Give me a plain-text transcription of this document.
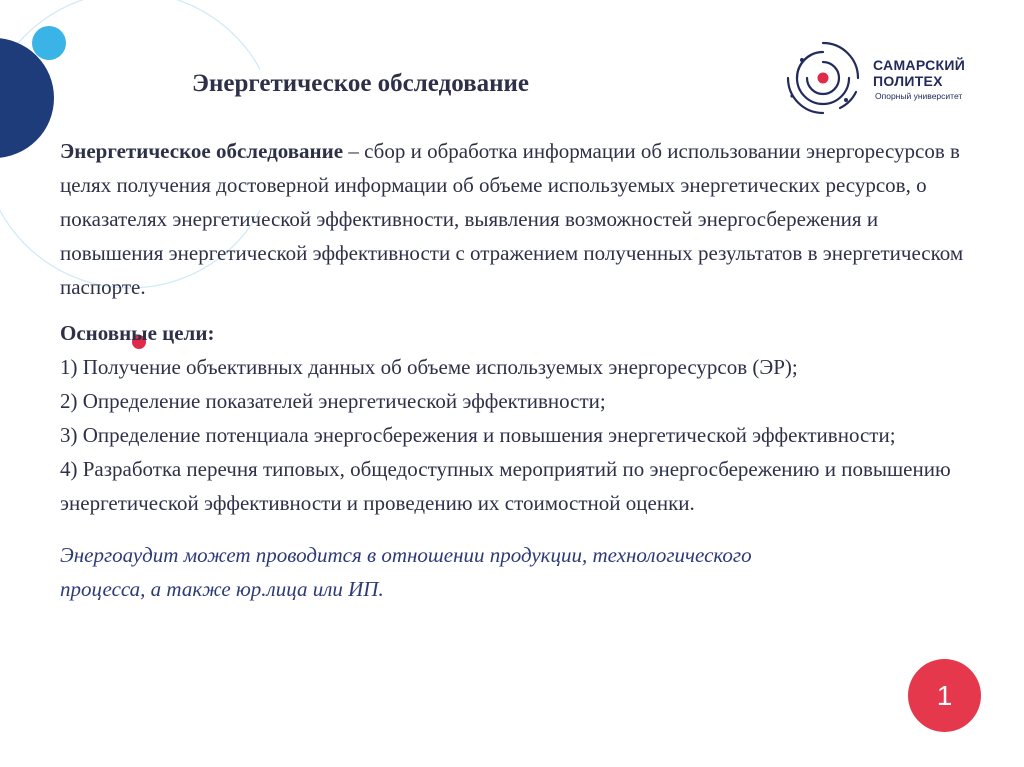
Энергетическое обследование
САМАРСКИЙ
ПОЛИТЕХ
Опорный университет

Энергетическое обследование – сбор и обработка информации об использовании энергоресурсов в целях получения достоверной информации об объеме используемых энергетических ресурсов, о показателях энергетической эффективности, выявления возможностей энергосбережения и повышения энергетической эффективности с отражением полученных результатов в энергетическом паспорте.

Основные цели:
1) Получение объективных данных об объеме используемых энергоресурсов (ЭР);
2) Определение показателей энергетической эффективности;
3) Определение потенциала энергосбережения и повышения энергетической эффективности;
4) Разработка перечня типовых, общедоступных мероприятий по энергосбережению и повышению энергетической эффективности и проведению их стоимостной оценки.
Энергоаудит может проводится в отношении продукции, технологического процесса, а также юр.лица или ИП.
1
